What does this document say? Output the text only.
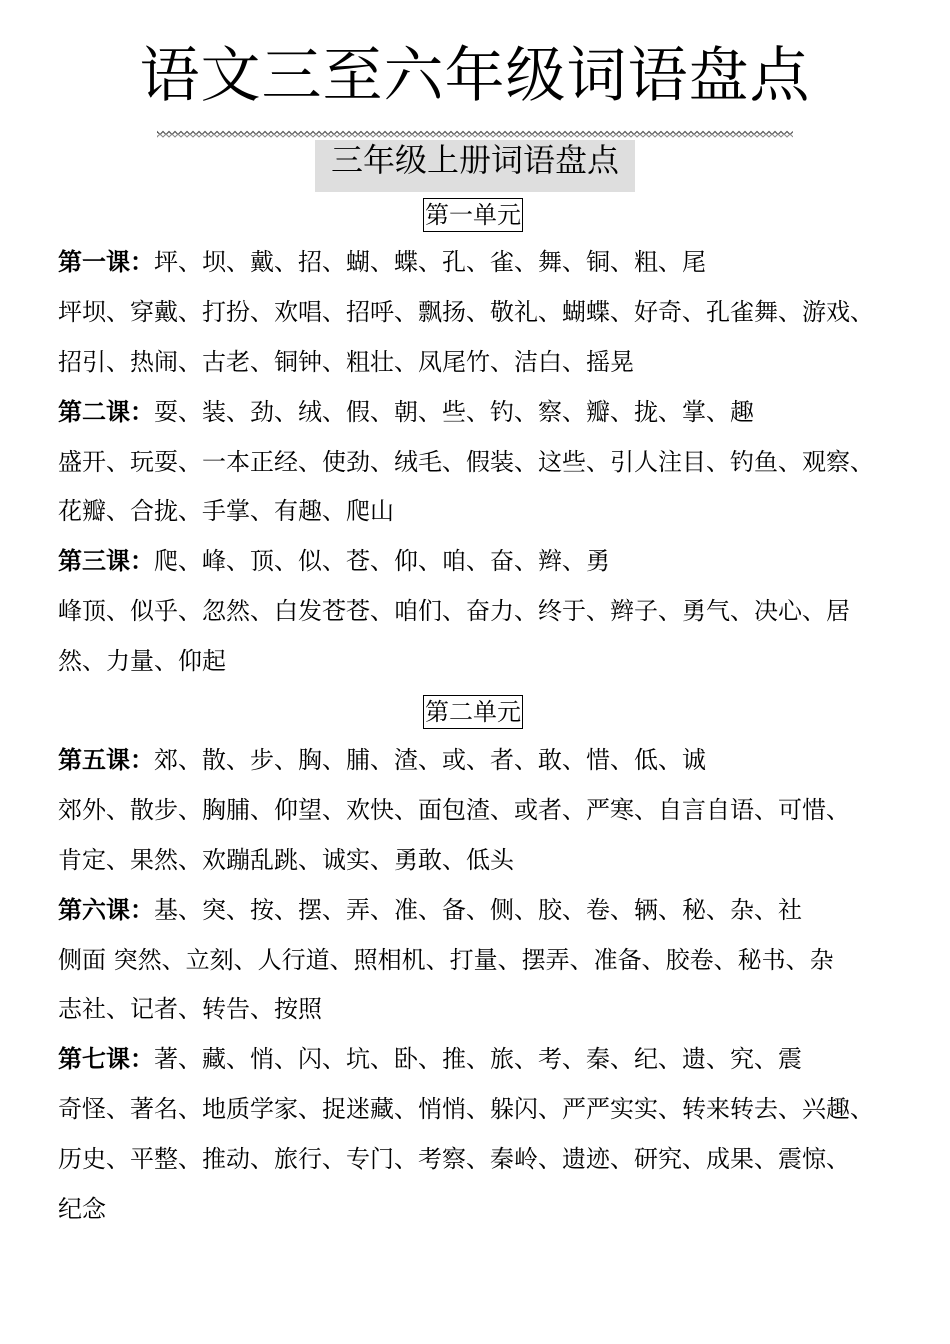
语文三至六年级词语盘点
三年级上册词语盘点
第一单元

第一课：坪、坝、戴、招、蝴、蝶、孔、雀、舞、铜、粗、尾

坪坝、穿戴、打扮、欢唱、招呼、飘扬、敬礼、蝴蝶、好奇、孔雀舞、游戏、

招引、热闹、古老、铜钟、粗壮、凤尾竹、洁白、摇晃

第二课：耍、装、劲、绒、假、朝、些、钓、察、瓣、拢、掌、趣

盛开、玩耍、一本正经、使劲、绒毛、假装、这些、引人注目、钓鱼、观察、

花瓣、合拢、手掌、有趣、爬山

第三课：爬、峰、顶、似、苍、仰、咱、奋、辫、勇

峰顶、似乎、忽然、白发苍苍、咱们、奋力、终于、辫子、勇气、决心、居

然、力量、仰起

第二单元

第五课：郊、散、步、胸、脯、渣、或、者、敢、惜、低、诚

郊外、散步、胸脯、仰望、欢快、面包渣、或者、严寒、自言自语、可惜、

肯定、果然、欢蹦乱跳、诚实、勇敢、低头

第六课：基、突、按、摆、弄、准、备、侧、胶、卷、辆、秘、杂、社

侧面 突然、立刻、人行道、照相机、打量、摆弄、准备、胶卷、秘书、杂

志社、记者、转告、按照

第七课：著、藏、悄、闪、坑、卧、推、旅、考、秦、纪、遗、究、震

奇怪、著名、地质学家、捉迷藏、悄悄、躲闪、严严实实、转来转去、兴趣、

历史、平整、推动、旅行、专门、考察、秦岭、遗迹、研究、成果、震惊、

纪念
